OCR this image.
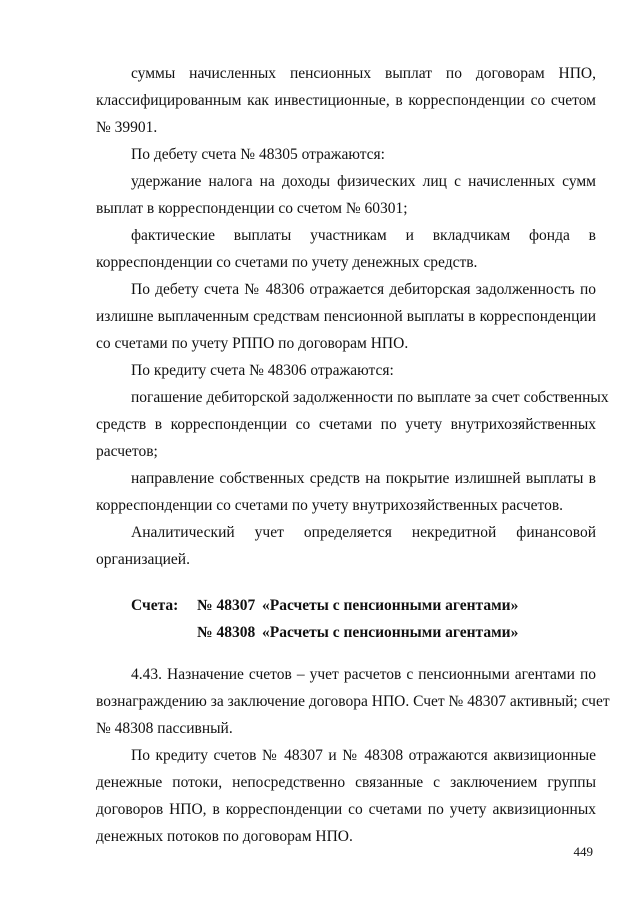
суммы начисленных пенсионных выплат по договорам НПО,
классифицированным как инвестиционные, в корреспонденции со счетом
№ 39901.
По дебету счета № 48305 отражаются:
удержание налога на доходы физических лиц с начисленных сумм
выплат в корреспонденции со счетом № 60301;
фактические выплаты участникам и вкладчикам фонда в
корреспонденции со счетами по учету денежных средств.
По дебету счета № 48306 отражается дебиторская задолженность по
излишне выплаченным средствам пенсионной выплаты в корреспонденции
со счетами по учету РППО по договорам НПО.
По кредиту счета № 48306 отражаются:
погашение дебиторской задолженности по выплате за счет собственных
средств в корреспонденции со счетами по учету внутрихозяйственных
расчетов;
направление собственных средств на покрытие излишней выплаты в
корреспонденции со счетами по учету внутрихозяйственных расчетов.
Аналитический учет определяется некредитной финансовой
организацией.
Счета: № 48307 «Расчеты с пенсионными агентами»
№ 48308 «Расчеты с пенсионными агентами»
4.43. Назначение счетов – учет расчетов с пенсионными агентами по
вознаграждению за заключение договора НПО. Счет № 48307 активный; счет
№ 48308 пассивный.
По кредиту счетов № 48307 и № 48308 отражаются аквизиционные
денежные потоки, непосредственно связанные с заключением группы
договоров НПО, в корреспонденции со счетами по учету аквизиционных
денежных потоков по договорам НПО.
449
